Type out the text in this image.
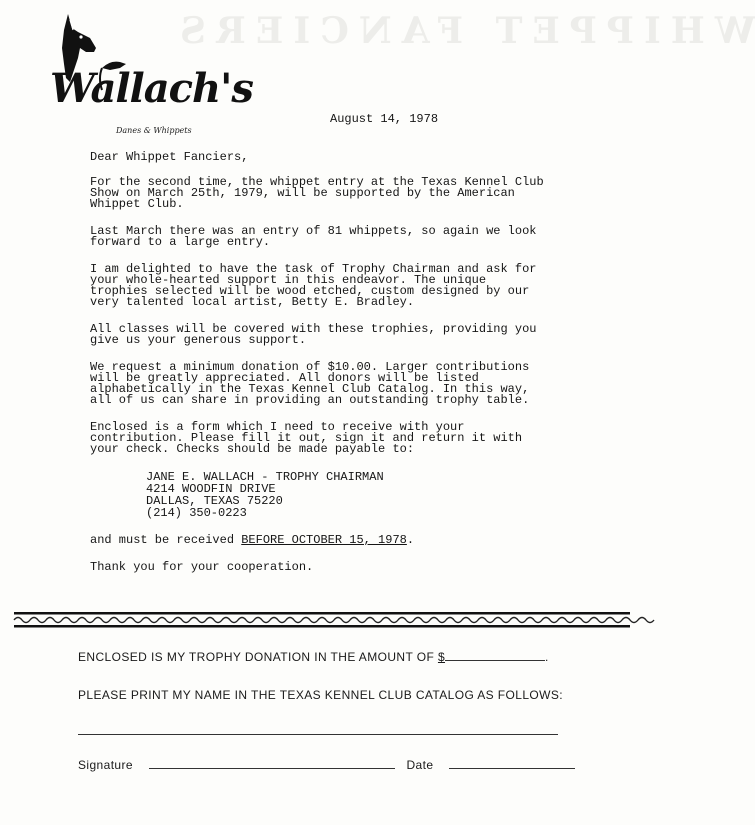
WHIPPET FANCIERS
Wallach's
Danes & Whippets
August 14, 1978

Dear Whippet Fanciers,

For the second time, the whippet entry at the Texas Kennel Club Show on March 25th, 1979, will be supported by the American Whippet Club.

Last March there was an entry of 81 whippets, so again we look forward to a large entry.

I am delighted to have the task of Trophy Chairman and ask for your whole-hearted support in this endeavor. The unique trophies selected will be wood etched, custom designed by our very talented local artist, Betty E. Bradley.

All classes will be covered with these trophies, providing you give us your generous support.

We request a minimum donation of $10.00. Larger contributions will be greatly appreciated. All donors will be listed alphabetically in the Texas Kennel Club Catalog. In this way, all of us can share in providing an outstanding trophy table.

Enclosed is a form which I need to receive with your contribution. Please fill it out, sign it and return it with your check. Checks should be made payable to:

JANE E. WALLACH - TROPHY CHAIRMAN
4214 WOODFIN DRIVE
DALLAS, TEXAS 75220
(214) 350-0223

and must be received BEFORE OCTOBER 15, 1978.

Thank you for your cooperation.

ENCLOSED IS MY TROPHY DONATION IN THE AMOUNT OF $	.
PLEASE PRINT MY NAME IN THE TEXAS KENNEL CLUB CATALOG AS FOLLOWS:
Signature	Date
